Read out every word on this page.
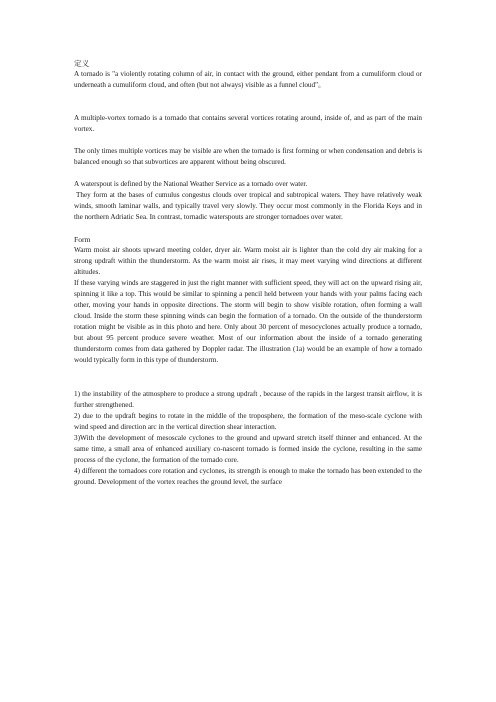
定义

A tornado is "a violently rotating column of air, in contact with the ground, either pendant from a cumuliform cloud or underneath a cumuliform cloud, and often (but not always) visible as a funnel cloud"。

A multiple-vortex tornado is a tornado that contains several vortices rotating around, inside of, and as part of the main vortex.

The only times multiple vortices may be visible are when the tornado is first forming or when condensation and debris is balanced enough so that subvortices are apparent without being obscured.

A waterspout is defined by the National Weather Service as a tornado over water.

They form at the bases of cumulus congestus clouds over tropical and subtropical waters. They have relatively weak winds, smooth laminar walls, and typically travel very slowly. They occur most commonly in the Florida Keys and in the northern Adriatic Sea. In contrast, tornadic waterspouts are stronger tornadoes over water.

Form

Warm moist air shoots upward meeting colder, dryer air. Warm moist air is lighter than the cold dry air making for a strong updraft within the thunderstorm. As the warm moist air rises, it may meet varying wind directions at different altitudes.

If these varying winds are staggered in just the right manner with sufficient speed, they will act on the upward rising air, spinning it like a top. This would be similar to spinning a pencil held between your hands with your palms facing each other, moving your hands in opposite directions. The storm will begin to show visible rotation, often forming a wall cloud. Inside the storm these spinning winds can begin the formation of a tornado. On the outside of the thunderstorm rotation might be visible as in this photo and here. Only about 30 percent of mesocyclones actually produce a tornado, but about 95 percent produce severe weather. Most of our information about the inside of a tornado generating thunderstorm comes from data gathered by Doppler radar. The illustration (1a) would be an example of how a tornado would typically form in this type of thunderstorm.

1) the instability of the atmosphere to produce a strong updraft , because of the rapids in the largest transit airflow, it is further strengthened.

2) due to the updraft begins to rotate in the middle of the troposphere, the formation of the meso-scale cyclone with wind speed and direction arc in the vertical direction shear interaction.

3)With the development of mesoscale cyclones to the ground and upward stretch itself thinner and enhanced. At the same time, a small area of enhanced auxiliary co-nascent tornado is formed inside the cyclone, resulting in the same process of the cyclone, the formation of the tornado core.

4) different the tornadoes core rotation and cyclones, its strength is enough to make the tornado has been extended to the ground. Development of the vortex reaches the ground level, the surface
